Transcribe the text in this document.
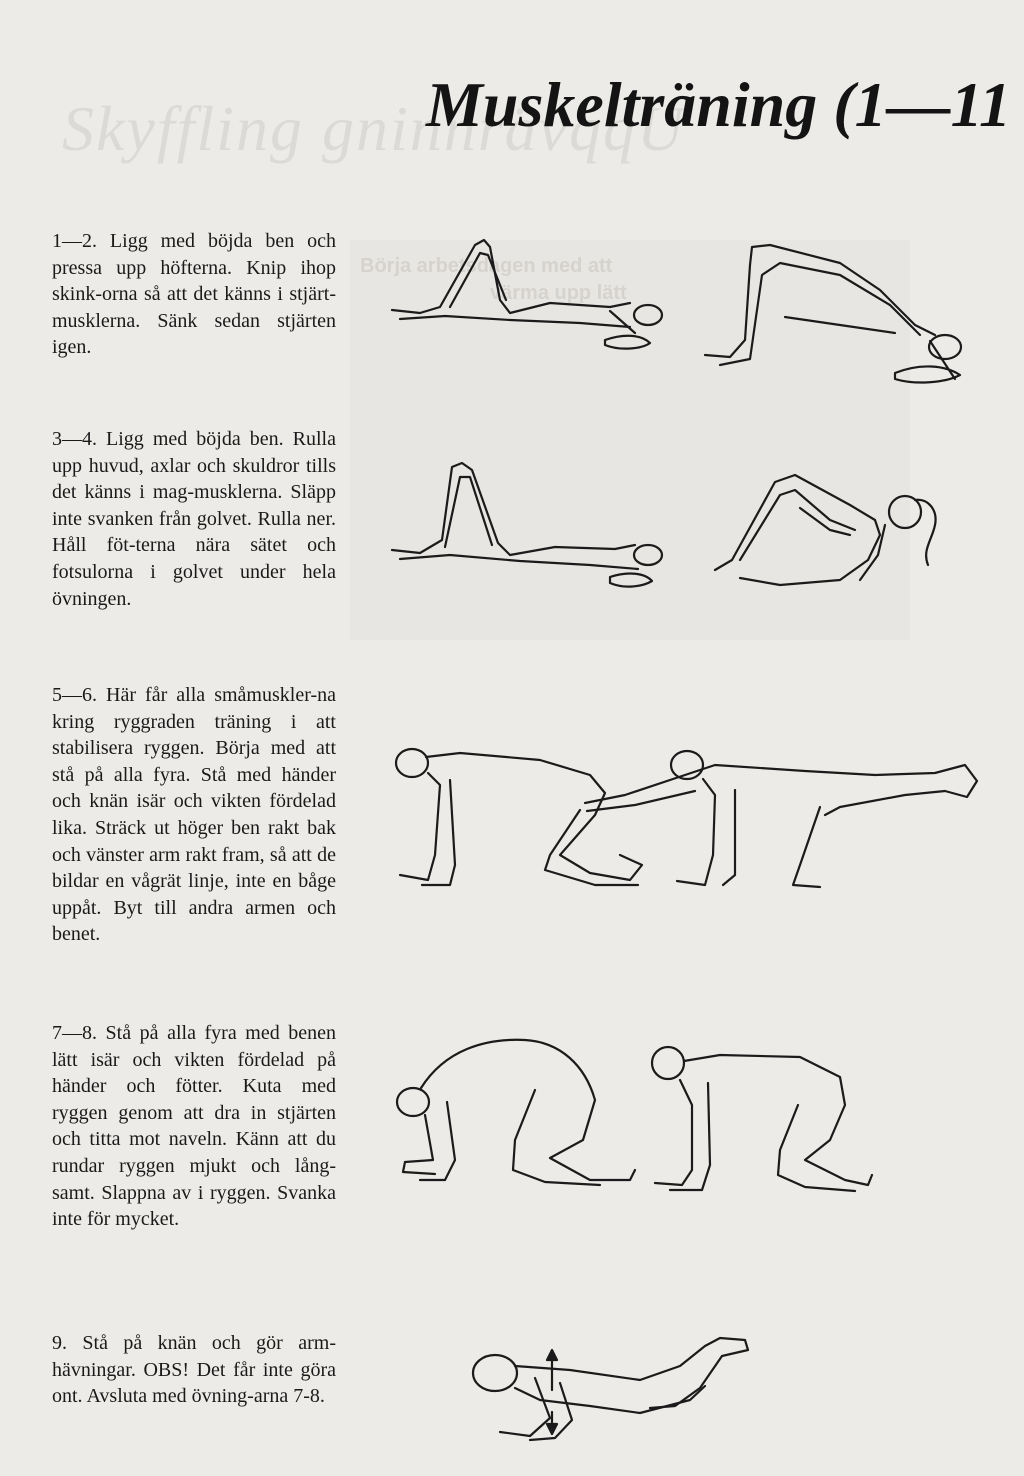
Skyffling gninnrävqqU
Börja arbetsdagen med att
värma upp lätt
Muskelträning (1—11

1—2. Ligg med böjda ben och pressa upp höfterna. Knip ihop skink-orna så att det känns i stjärt-musklerna. Sänk sedan stjärten igen.

3—4. Ligg med böjda ben. Rulla upp huvud, axlar och skuldror tills det känns i mag-musklerna. Släpp inte svanken från golvet. Rulla ner. Håll föt-terna nära sätet och fotsulorna i golvet under hela övningen.

5—6. Här får alla småmuskler-na kring ryggraden träning i att stabilisera ryggen. Börja med att stå på alla fyra. Stå med händer och knän isär och vikten fördelad lika. Sträck ut höger ben rakt bak och vänster arm rakt fram, så att de bildar en vågrät linje, inte en båge uppåt. Byt till andra armen och benet.

7—8. Stå på alla fyra med benen lätt isär och vikten fördelad på händer och fötter. Kuta med ryggen genom att dra in stjärten och titta mot naveln. Känn att du rundar ryggen mjukt och lång-samt. Slappna av i ryggen. Svanka inte för mycket.

9. Stå på knän och gör arm-hävningar. OBS! Det får inte göra ont. Avsluta med övning-arna 7-8.
